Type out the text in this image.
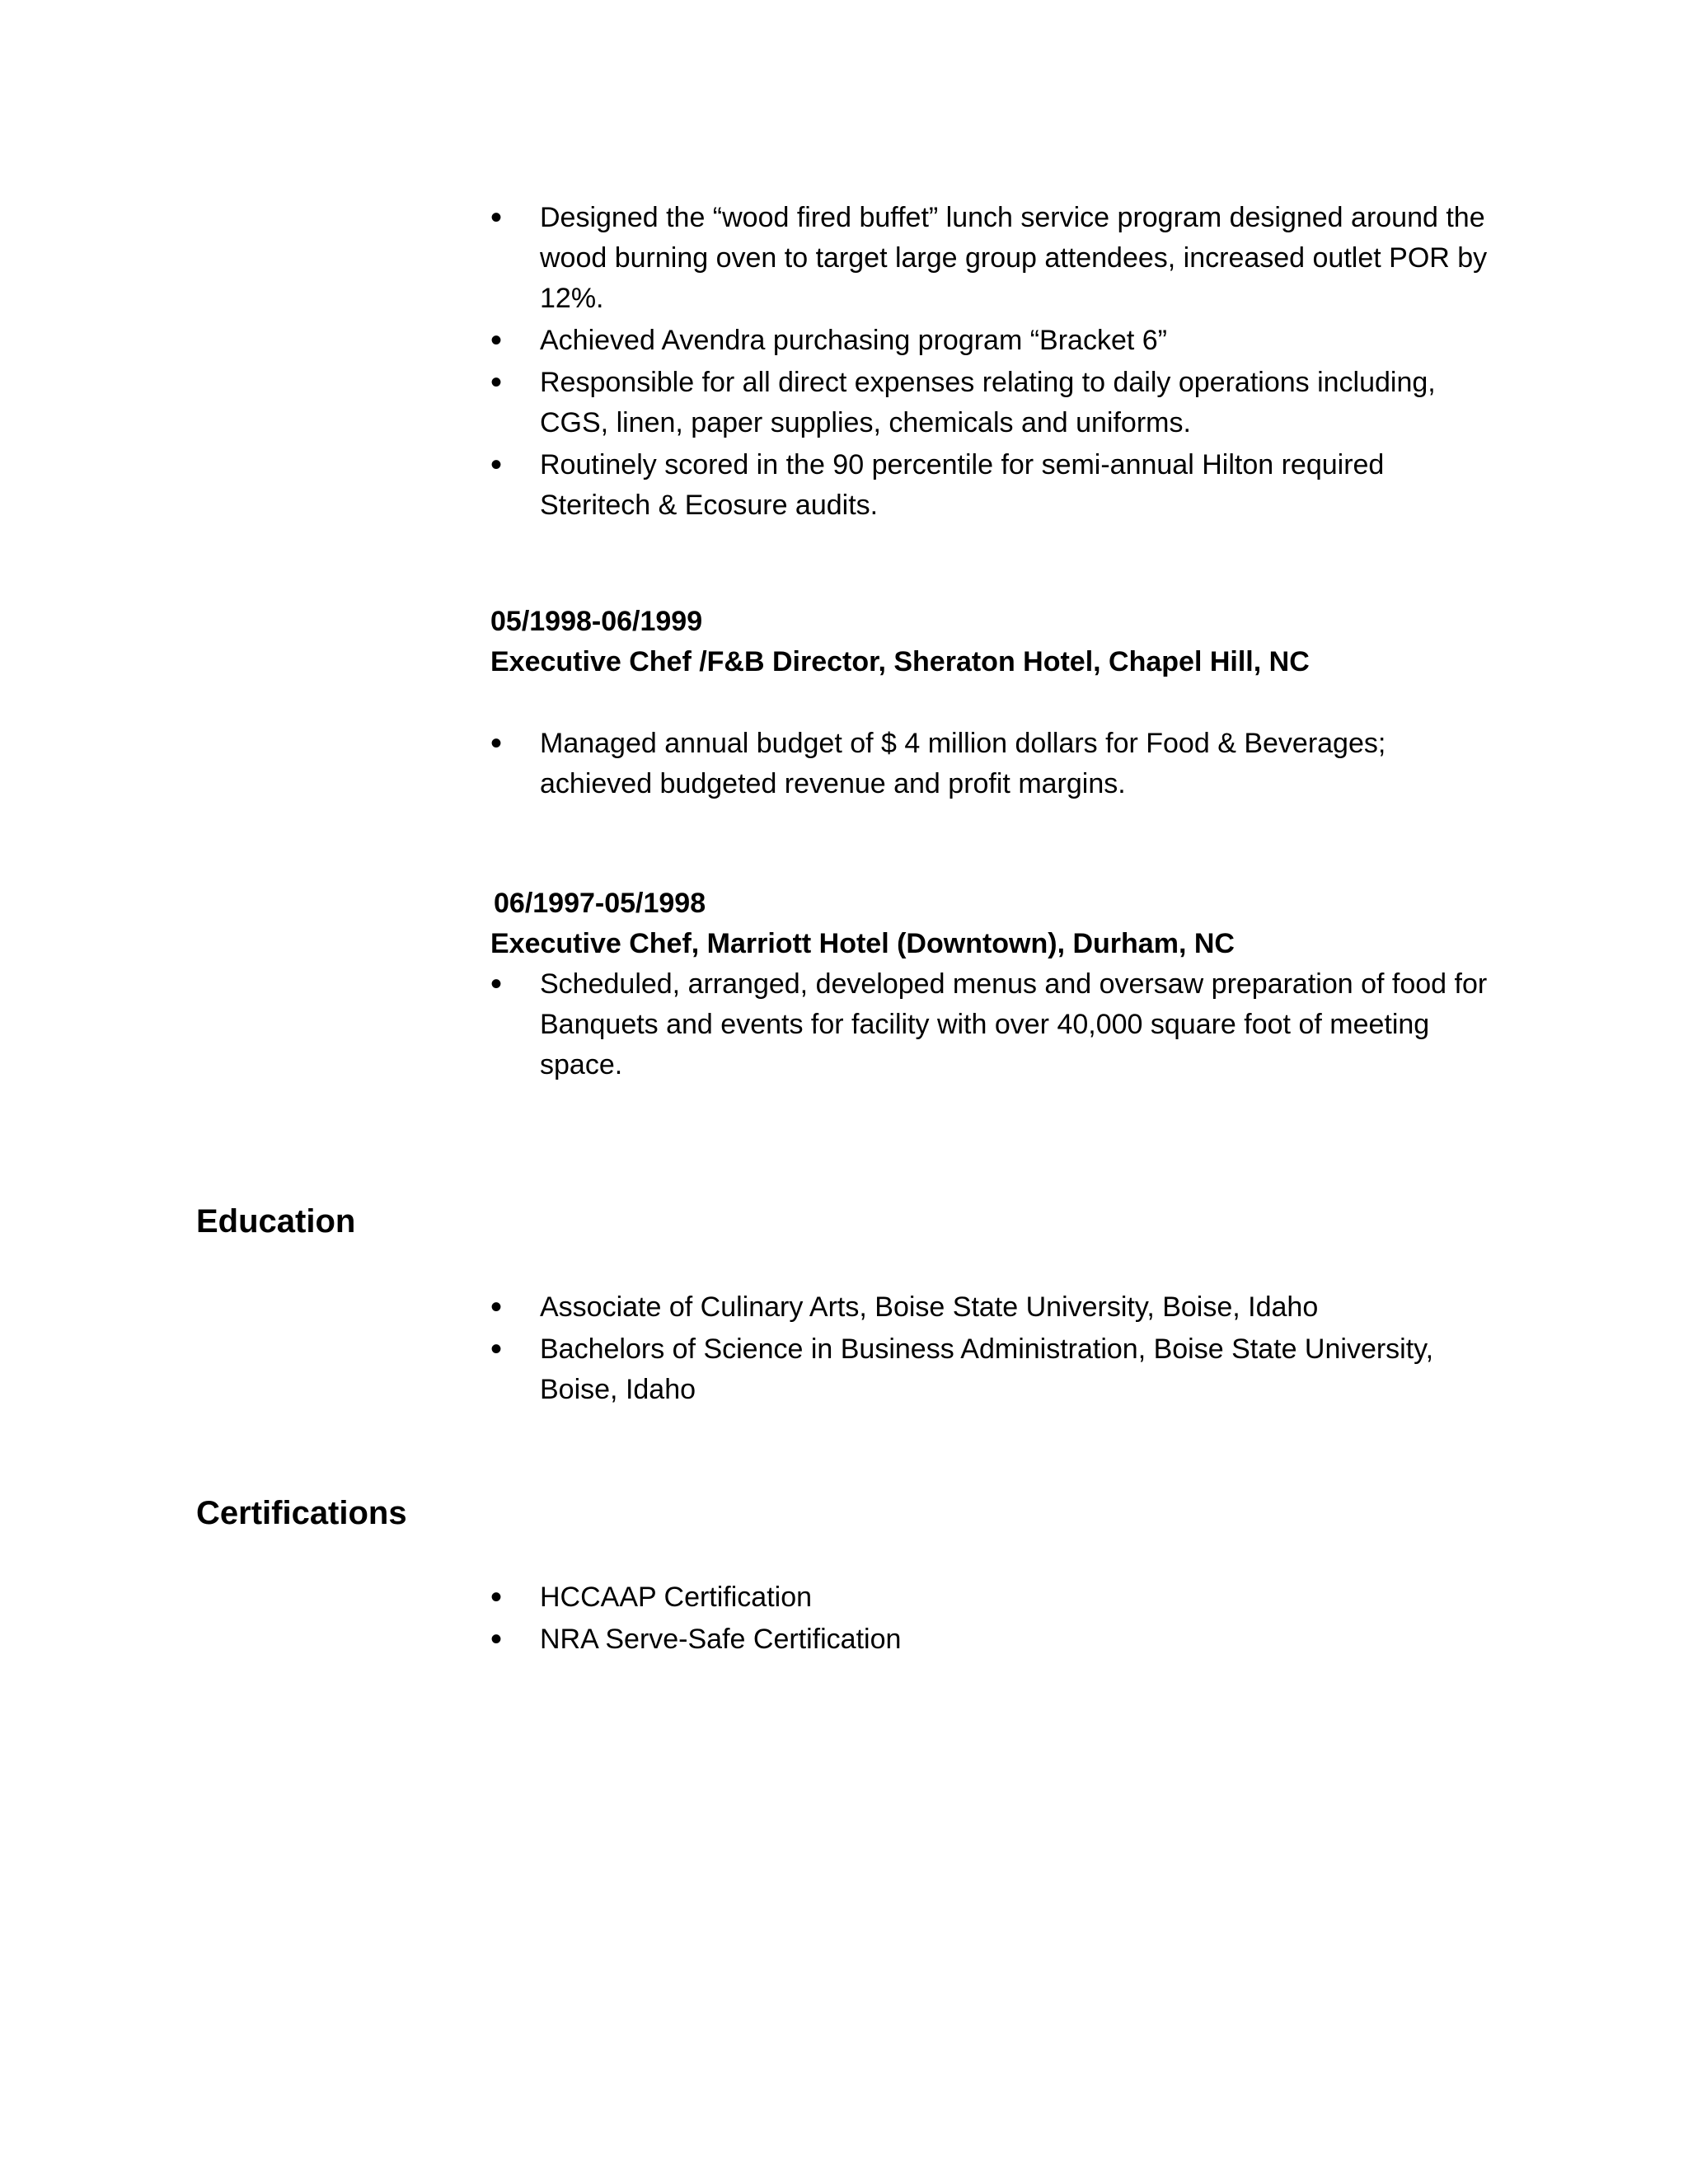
• Designed the “wood fired buffet” lunch service program designed around the wood burning oven to target large group attendees, increased outlet POR by 12%.
• Achieved Avendra purchasing program “Bracket 6”
• Responsible for all direct expenses relating to daily operations including, CGS, linen, paper supplies, chemicals and uniforms.
• Routinely scored in the 90 percentile for semi-annual Hilton required Steritech & Ecosure audits.

05/1998-06/1999

Executive Chef /F&B Director, Sheraton Hotel, Chapel Hill, NC

• Managed annual budget of $ 4 million dollars for Food & Beverages; achieved budgeted revenue and profit margins.

06/1997-05/1998

Executive Chef, Marriott Hotel (Downtown), Durham, NC

• Scheduled, arranged, developed menus and oversaw preparation of food for Banquets and events for facility with over 40,000 square foot of meeting space.
Education
• Associate of Culinary Arts, Boise State University, Boise, Idaho
• Bachelors of Science in Business Administration, Boise State University, Boise, Idaho
Certifications
• HCCAAP Certification
• NRA Serve-Safe Certification
